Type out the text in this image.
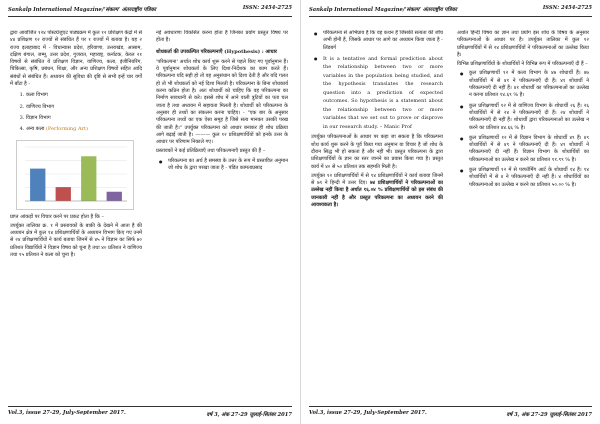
Sankalp International Magazine/‘संकल्प’ अंतरराष्ट्रीय पत्रिका	ISSN: 2454-2725

द्वारा आयोजित १२४ पोस्टग्रेजुएट पाठ्यक्रम में कुल १२ प्रशिक्षण केंद्रों में से ४४ प्रशिक्षण १२ राज्यों से संबंधित हैं पर १ राज्यों में बताया है। यह २ राज्य इलाहाबाद में - विधान्यास प्रदेश, हरियाणा, उत्तराखंड, आसाम, दक्षिण बंगाल, जम्मू, उत्तर प्रदेश, गुजरात, महाराष्ट्र, कर्नाटक, केरल २१ विषयों से संबंधित ये प्रशिक्षण विज्ञान, वाणिज्य, कला, इंजीनियरिंग, चिकित्सा, कृषि, प्रबंधन, शिक्षा, और अन्य प्रशिक्षण विषयों सहित आदि संबंधों से संबंधित हैं। अध्ययन की सुविधा की दृष्टि से सभी इन्हें चार वर्गों में बाँटा है -

1. कला विभाग
2. वाणिज्य विभाग
3. विज्ञान विभाग
4. अन्य कला (Performing Art)

प्राप्त आंकड़ों पर विचार करने पर प्रकट होता है कि –

उपर्युक्त तालिका क्र. १ में प्रस्तावकों के बाकी के देखने में आता है की अध्ययन क्षेत्र में कुल १४ प्रशिक्षणार्थियों के अध्ययन विभाग किए गए उनमें से २४ प्रशिक्षणार्थियों ने कार्य बताया जिनमें से ४५ ने विज्ञान का सिर्फ ७० प्रतिशत विद्यार्थियों ने विज्ञान विषय को चुना है तथा ४० प्रतिशत ने वाणिज्य तथा १५ प्रतिशत ने कला को चुना है।

नई अवधारणा विकसित करना होता है जिनका प्रयोग प्रस्तुत विषय पर होता है।

शोधकर्ता की उपकल्पित परिकल्पनाएँ (Hypothesis) : आधार

'परिकल्पना' अर्थात शोध कार्य शुरू करने से पहले किए गए पूर्वानुमान हैं। ये पूर्वानुमान शोधकर्ता के लिए दिशा-निर्देशक का काम करते हैं। परिकल्पना यदि सही हो तो वह अनुसंधान को दिशा देती है और यदि गलत हो तो भी शोधकर्ता को नई दिशा मिलती है। परिकल्पना के बिना शोधकार्य करना कठिन होता है। अतः शोधार्थी को चाहिए कि वह परिकल्पना का निर्माण सावधानी से करे। इससे शोध में आने वाली त्रुटियों का पता चल जाता है तथा अध्ययन में सहायता मिलती है। शोधार्थी को परिकल्पना के अनुसार ही तथ्यों का संकलन करना चाहिए। - "एक बार के अनुसार परिकल्पना तथ्यों का एक ऐसा समूह है जिसे सत्य मानकर उसकी परख की जाती है।" उपर्युक्त परिकल्पना को आधार बनाकर ही शोध प्रक्रिया आगे बढ़ाई जाती है। ——— कुल १२ प्रशिक्षणार्थियों को इनके उत्तर के आधार पर परिणाम निकाले गए।

प्रस्तावकों ने कई प्रतिक्रियाएँ तथा परिकल्पनाएँ प्रस्तुत की हैं –

● परिकल्पना का अर्थ है समस्या के उत्तर के रूप में प्रस्तावित अनुमान जो शोध के द्वारा परखा जाता है - पंडित कामताप्रसाद
Vol.3, issue 27-29, July-September 2017.	वर्ष 3, अंक 27-29 जुलाई-सितंबर 2017
Sankalp International Magazine/‘संकल्प’ अंतरराष्ट्रीय पत्रिका	ISSN: 2454-2725
● परिकल्पना से अभिप्राय है कि वह कथन है जिसकी सत्यता की जाँच अभी होनी है, जिसके आधार पर आगे का अध्ययन किया जाता है - लिंडबर्ग
● It is a tentative and formal prediction about the relationship between two or more variables in the population being studied, and the hypothesis translates the research question into a prediction of expected outcomes. So hypothesis is a statement about the relationship between two or more variables that we set out to prove or disprove in our research study. – Manic Prof

उपर्युक्त परिकल्पनाओं के आधार पर कहा जा सकता है कि परिकल्पना शोध कार्य शुरू करने के पूर्व किया गया अनुमान या विचार है जो शोध के दौरान सिद्ध भी हो सकता है और नहीं भी। प्रस्तुत परिकल्पना के द्वारा प्रशिक्षणार्थियों के ज्ञान का स्तर जानने का प्रयास किया गया है। प्रस्तुत कार्य में ४० से ५० प्रतिशत तक सहमति मिली है।

उपर्युक्त १२ प्रशिक्षणार्थियों में से १४ प्रशिक्षणार्थियों ने कार्य बताया जिनमें से ७१ ने हिन्दी में उत्तर दिए। ७४ प्रशिक्षणार्थियों ने परिकल्पनाओं का उल्लेख नहीं किया है अर्थात १६.०४ % प्रशिक्षणार्थियों को इस संबंध की जानकारी नहीं है और प्रस्तुत परिकल्पना का अध्ययन करने की आवश्यकता है।

अर्थात हिन्दी विषय का ज्ञान तथा प्रयोग इस शोध के विषय के अनुसार परिकल्पनाओं के आधार पर है। उपर्युक्त तालिका में कुल १२ प्रशिक्षणार्थियों में से २४ प्रशिक्षणार्थियों ने परिकल्पनाओं का उल्लेख किया है।

विभिन्न प्रशिक्षणार्थियों के शोधार्थियों ने विभिन्न रूप में परिकल्पनाएँ दी हैं –

● कुल प्रशिक्षणार्थी १२ में कला विभाग के ४७ शोधार्थी हैं। ४७ शोधार्थियों में से ४१ ने परिकल्पनाएँ दी हैं। ४१ शोधार्थी ने परिकल्पनाएँ दी नहीं हैं। ४१ शोधार्थी का परिकल्पनाओं का उल्लेख न करना प्रतिशत १४.६९ % है।
● कुल प्रशिक्षणार्थी १२ में से वाणिज्य विभाग के शोधार्थी २६ हैं। २६ शोधार्थियों में से २४ ने परिकल्पनाएँ दी हैं। २४ शोधार्थी ने परिकल्पनाएँ दी नहीं हैं। शोधार्थी द्वारा परिकल्पनाओं का उल्लेख न करने का प्रतिशत ४४.६६ % है।
● कुल प्रशिक्षणार्थी १२ में से विज्ञान विभाग के शोधार्थी ४९ हैं। ४९ शोधार्थियों में से ४९ ने परिकल्पनाएँ दी हैं। ४९ शोधार्थी ने परिकल्पनाएँ दी नहीं हैं। विज्ञान विभाग के शोधार्थियों का परिकल्पनाओं का उल्लेख न करने का प्रतिशत ११.९९ % है।
● कुल प्रशिक्षणार्थी १२ में से परफॉर्मिंग आर्ट के शोधार्थी १४ हैं। १४ शोधार्थियों में से ४ ने परिकल्पनाएँ दी नहीं हैं। ४ शोधार्थियों का परिकल्पनाओं का उल्लेख न करने का प्रतिशत ५०.०० % है।
Vol.3, issue 27-29, July-September 2017.	वर्ष 3, अंक 27-29 जुलाई-सितंबर 2017
